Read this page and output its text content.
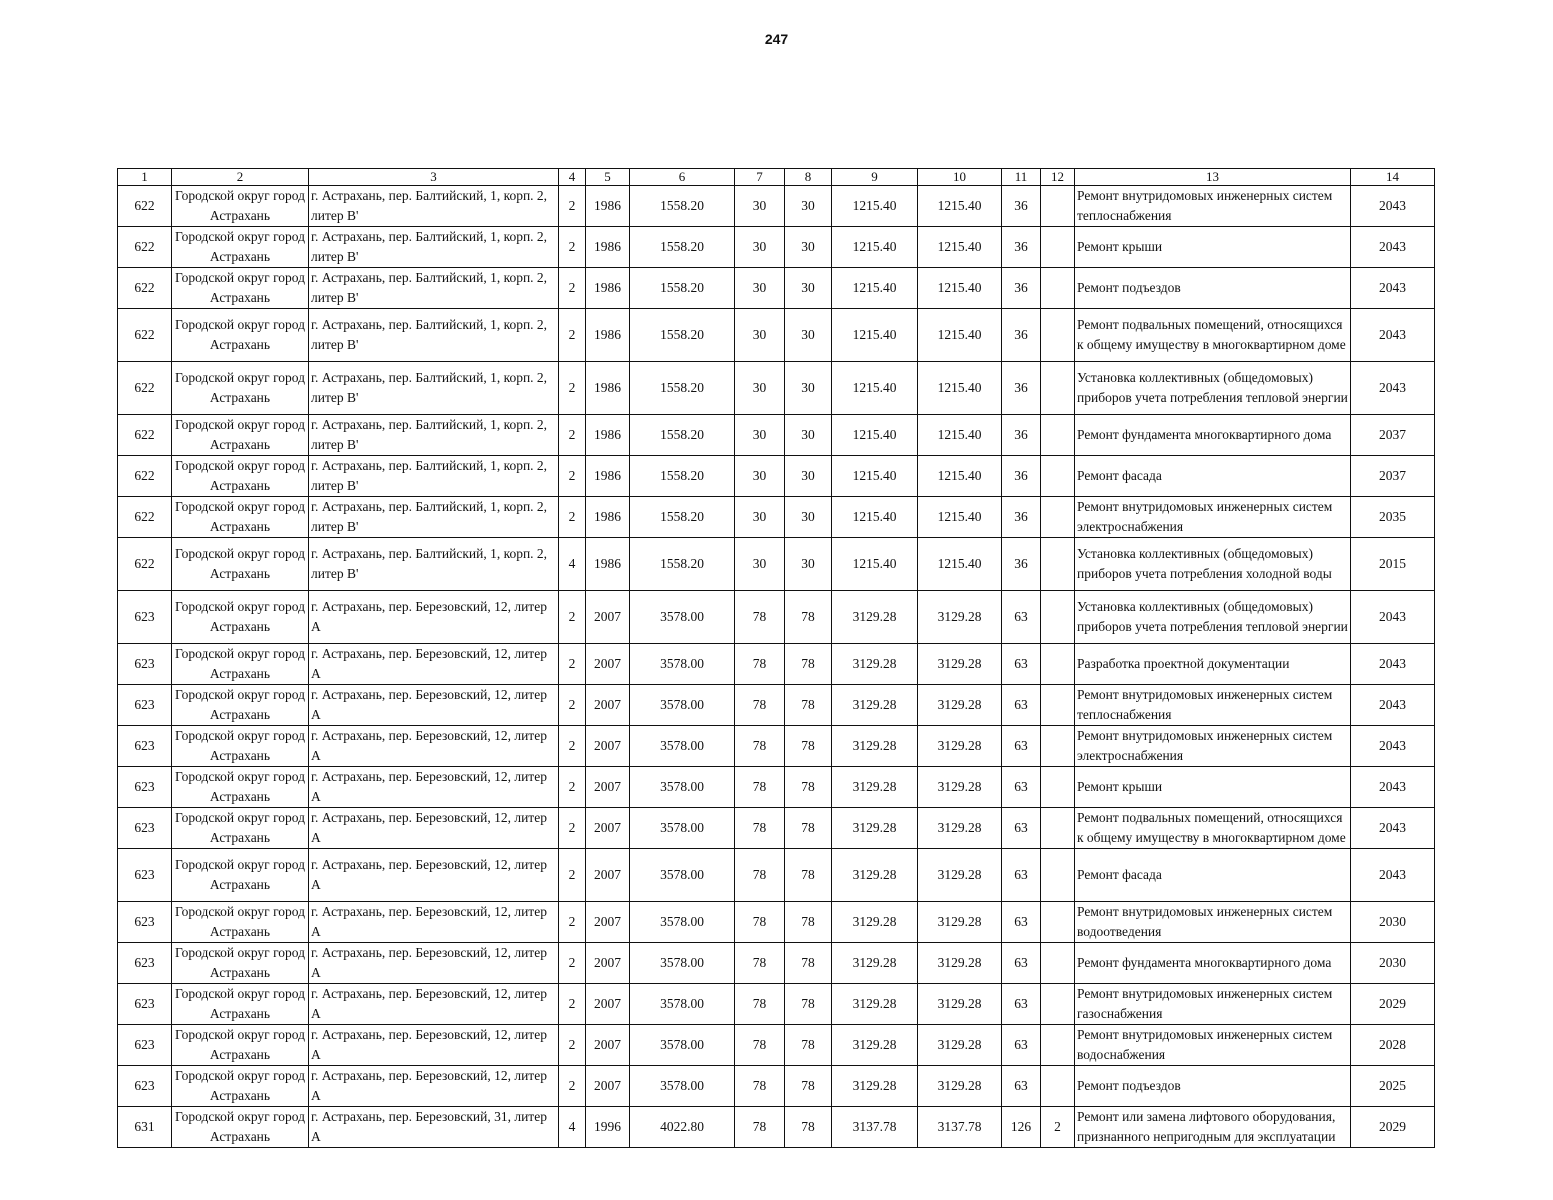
247
1	2	3	4	5	6	7	8	9	10	11	12	13	14
622	Городской округ город Астрахань	г. Астрахань, пер. Балтийский, 1, корп. 2, литер В'	2	1986	1558.20	30	30	1215.40	1215.40	36		Ремонт внутридомовых инженерных систем теплоснабжения	2043
622	Городской округ город Астрахань	г. Астрахань, пер. Балтийский, 1, корп. 2, литер В'	2	1986	1558.20	30	30	1215.40	1215.40	36		Ремонт крыши	2043
622	Городской округ город Астрахань	г. Астрахань, пер. Балтийский, 1, корп. 2, литер В'	2	1986	1558.20	30	30	1215.40	1215.40	36		Ремонт подъездов	2043
622	Городской округ город Астрахань	г. Астрахань, пер. Балтийский, 1, корп. 2, литер В'	2	1986	1558.20	30	30	1215.40	1215.40	36		Ремонт подвальных помещений, относящихся к общему имуществу в многоквартирном доме	2043
622	Городской округ город Астрахань	г. Астрахань, пер. Балтийский, 1, корп. 2, литер В'	2	1986	1558.20	30	30	1215.40	1215.40	36		Установка коллективных (общедомовых) приборов учета потребления тепловой энергии	2043
622	Городской округ город Астрахань	г. Астрахань, пер. Балтийский, 1, корп. 2, литер В'	2	1986	1558.20	30	30	1215.40	1215.40	36		Ремонт фундамента многоквартирного дома	2037
622	Городской округ город Астрахань	г. Астрахань, пер. Балтийский, 1, корп. 2, литер В'	2	1986	1558.20	30	30	1215.40	1215.40	36		Ремонт фасада	2037
622	Городской округ город Астрахань	г. Астрахань, пер. Балтийский, 1, корп. 2, литер В'	2	1986	1558.20	30	30	1215.40	1215.40	36		Ремонт внутридомовых инженерных систем электроснабжения	2035
622	Городской округ город Астрахань	г. Астрахань, пер. Балтийский, 1, корп. 2, литер В'	4	1986	1558.20	30	30	1215.40	1215.40	36		Установка коллективных (общедомовых) приборов учета потребления холодной воды	2015
623	Городской округ город Астрахань	г. Астрахань, пер. Березовский, 12, литер А	2	2007	3578.00	78	78	3129.28	3129.28	63		Установка коллективных (общедомовых) приборов учета потребления тепловой энергии	2043
623	Городской округ город Астрахань	г. Астрахань, пер. Березовский, 12, литер А	2	2007	3578.00	78	78	3129.28	3129.28	63		Разработка проектной документации	2043
623	Городской округ город Астрахань	г. Астрахань, пер. Березовский, 12, литер А	2	2007	3578.00	78	78	3129.28	3129.28	63		Ремонт внутридомовых инженерных систем теплоснабжения	2043
623	Городской округ город Астрахань	г. Астрахань, пер. Березовский, 12, литер А	2	2007	3578.00	78	78	3129.28	3129.28	63		Ремонт внутридомовых инженерных систем электроснабжения	2043
623	Городской округ город Астрахань	г. Астрахань, пер. Березовский, 12, литер А	2	2007	3578.00	78	78	3129.28	3129.28	63		Ремонт крыши	2043
623	Городской округ город Астрахань	г. Астрахань, пер. Березовский, 12, литер А	2	2007	3578.00	78	78	3129.28	3129.28	63		Ремонт подвальных помещений, относящихся к общему имуществу в многоквартирном доме	2043
623	Городской округ город Астрахань	г. Астрахань, пер. Березовский, 12, литер А	2	2007	3578.00	78	78	3129.28	3129.28	63		Ремонт фасада	2043
623	Городской округ город Астрахань	г. Астрахань, пер. Березовский, 12, литер А	2	2007	3578.00	78	78	3129.28	3129.28	63		Ремонт внутридомовых инженерных систем водоотведения	2030
623	Городской округ город Астрахань	г. Астрахань, пер. Березовский, 12, литер А	2	2007	3578.00	78	78	3129.28	3129.28	63		Ремонт фундамента многоквартирного дома	2030
623	Городской округ город Астрахань	г. Астрахань, пер. Березовский, 12, литер А	2	2007	3578.00	78	78	3129.28	3129.28	63		Ремонт внутридомовых инженерных систем газоснабжения	2029
623	Городской округ город Астрахань	г. Астрахань, пер. Березовский, 12, литер А	2	2007	3578.00	78	78	3129.28	3129.28	63		Ремонт внутридомовых инженерных систем водоснабжения	2028
623	Городской округ город Астрахань	г. Астрахань, пер. Березовский, 12, литер А	2	2007	3578.00	78	78	3129.28	3129.28	63		Ремонт подъездов	2025
631	Городской округ город Астрахань	г. Астрахань, пер. Березовский, 31, литер А	4	1996	4022.80	78	78	3137.78	3137.78	126	2	Ремонт или замена лифтового оборудования, признанного непригодным для эксплуатации	2029
